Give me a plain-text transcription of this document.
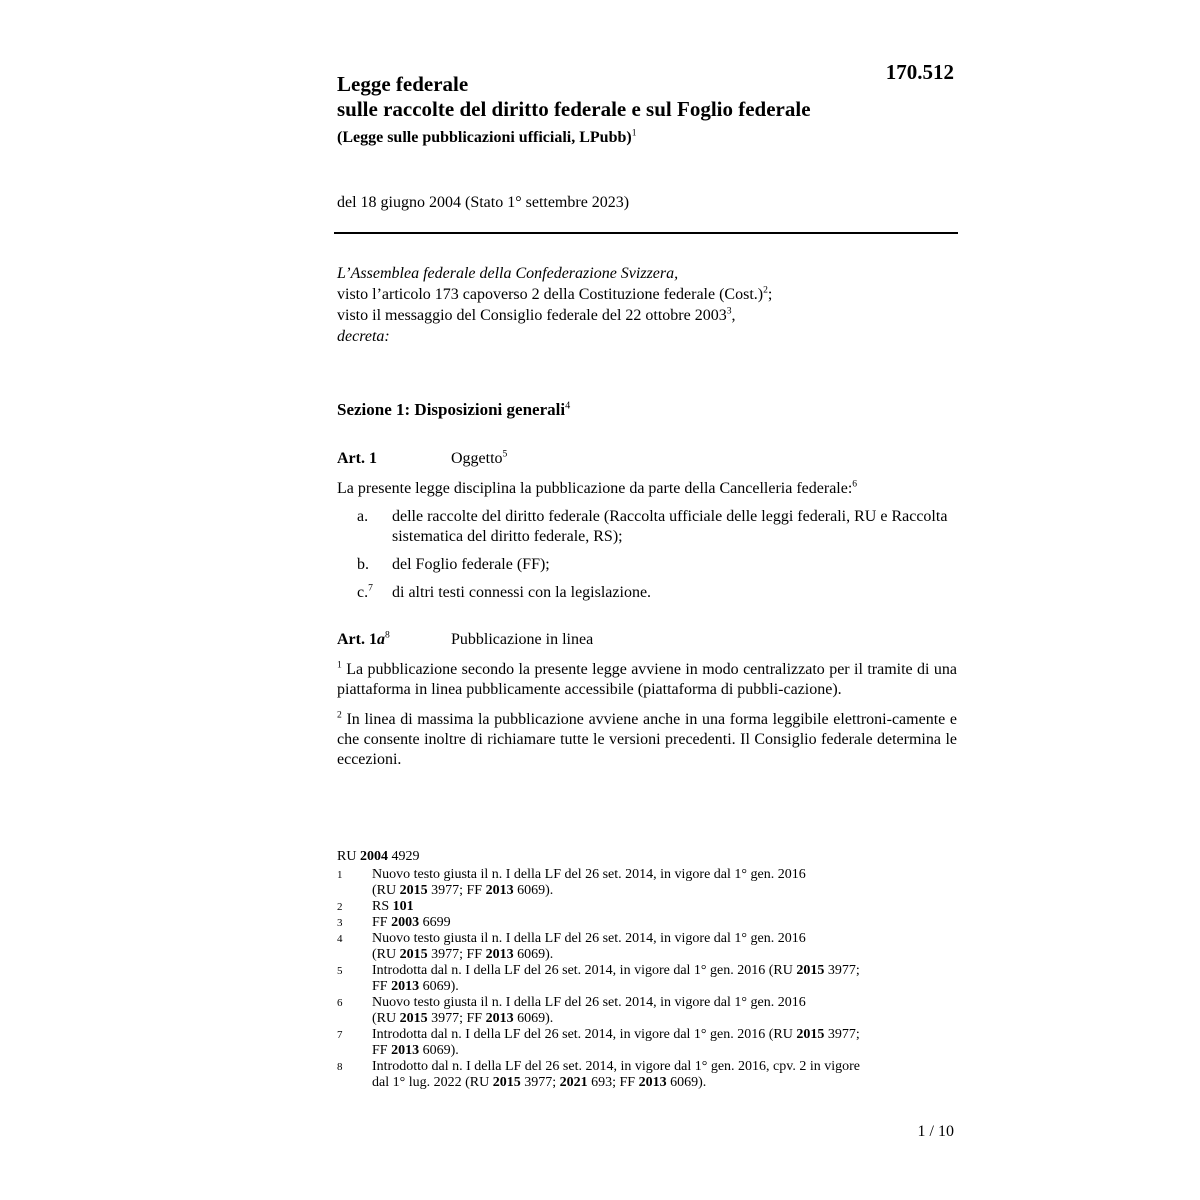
170.512
Legge federale
sulle raccolte del diritto federale e sul Foglio federale
(Legge sulle pubblicazioni ufficiali, LPubb)$^1$
del 18 giugno 2004 (Stato 1° settembre 2023)
L’Assemblea federale della Confederazione Svizzera,
visto l’articolo 173 capoverso 2 della Costituzione federale (Cost.)$^2$;
visto il messaggio del Consiglio federale del 22 ottobre 2003$^3$,
decreta:
Sezione 1: Disposizioni generali$^4$
Art. 1	Oggetto$^5$
La presente legge disciplina la pubblicazione da parte della Cancelleria federale:$^6$
a.	delle raccolte del diritto federale (Raccolta ufficiale delle leggi federali, RU e Raccolta sistematica del diritto federale, RS);
b.	del Foglio federale (FF);
c.$^7$	di altri testi connessi con la legislazione.
Art. $1a^8$	Pubblicazione in linea
$^1$ La pubblicazione secondo la presente legge avviene in modo centralizzato per il tramite di una piattaforma in linea pubblicamente accessibile (piattaforma di pubbli-cazione).
$^2$ In linea di massima la pubblicazione avviene anche in una forma leggibile elettroni-camente e che consente inoltre di richiamare tutte le versioni precedenti. Il Consiglio federale determina le eccezioni.
RU 2004 4929
1	Nuovo testo giusta il n. I della LF del 26 set. 2014, in vigore dal 1° gen. 2016
(RU 2015 3977; FF 2013 6069).
2	RS 101
3	FF 2003 6699
4	Nuovo testo giusta il n. I della LF del 26 set. 2014, in vigore dal 1° gen. 2016
(RU 2015 3977; FF 2013 6069).
5	Introdotta dal n. I della LF del 26 set. 2014, in vigore dal 1° gen. 2016 (RU 2015 3977;
FF 2013 6069).
6	Nuovo testo giusta il n. I della LF del 26 set. 2014, in vigore dal 1° gen. 2016
(RU 2015 3977; FF 2013 6069).
7	Introdotta dal n. I della LF del 26 set. 2014, in vigore dal 1° gen. 2016 (RU 2015 3977;
FF 2013 6069).
8	Introdotto dal n. I della LF del 26 set. 2014, in vigore dal 1° gen. 2016, cpv. 2 in vigore
dal 1° lug. 2022 (RU 2015 3977; 2021 693; FF 2013 6069).
1 / 10
